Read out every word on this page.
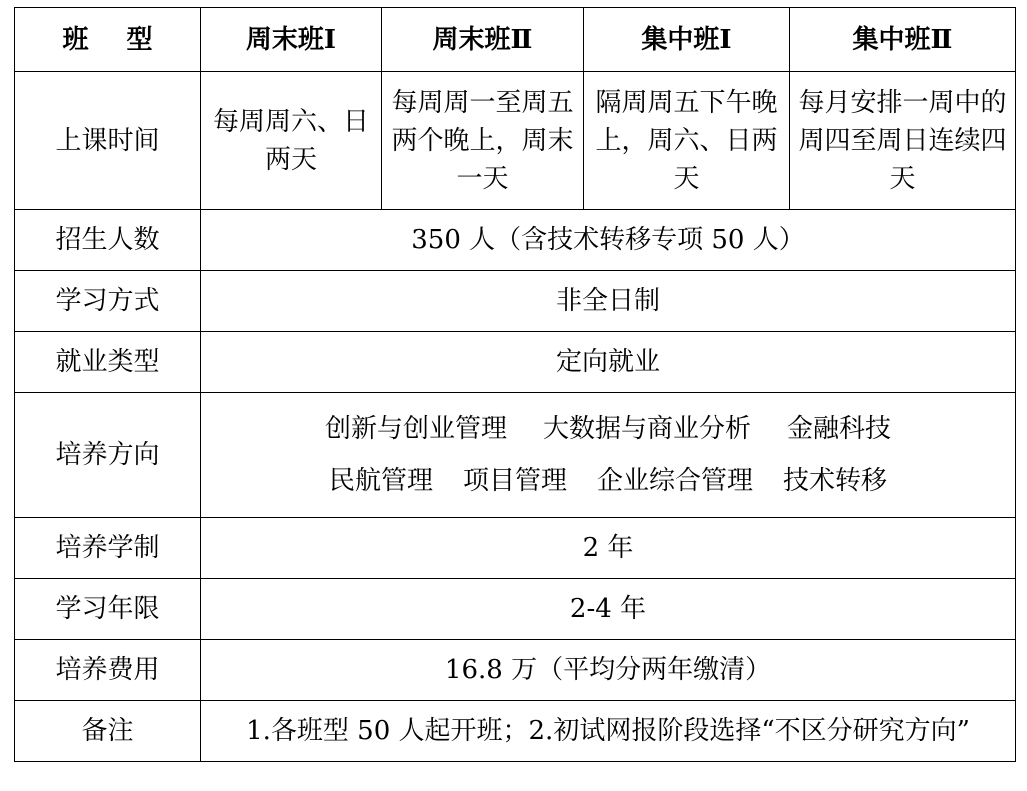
班型	周末班Ⅰ	周末班Ⅱ	集中班Ⅰ	集中班Ⅱ
上课时间	每周周六、日两天	每周周一至周五两个晚上，周末一天	隔周周五下午晚上，周六、日两天	每月安排一周中的周四至周日连续四天

招生人数	350 人（含技术转移专项 50 人）			
学习方式	非全日制			
就业类型	定向就业			
培养方向	创新与创业管理 大数据与商业分析 金融科技
民航管理 项目管理 企业综合管理 技术转移			

培养学制	2 年			
学习年限	2-4 年			
培养费用	16.8 万（平均分两年缴清）			
备注	1.各班型 50 人起开班；2.初试网报阶段选择“不区分研究方向”			
